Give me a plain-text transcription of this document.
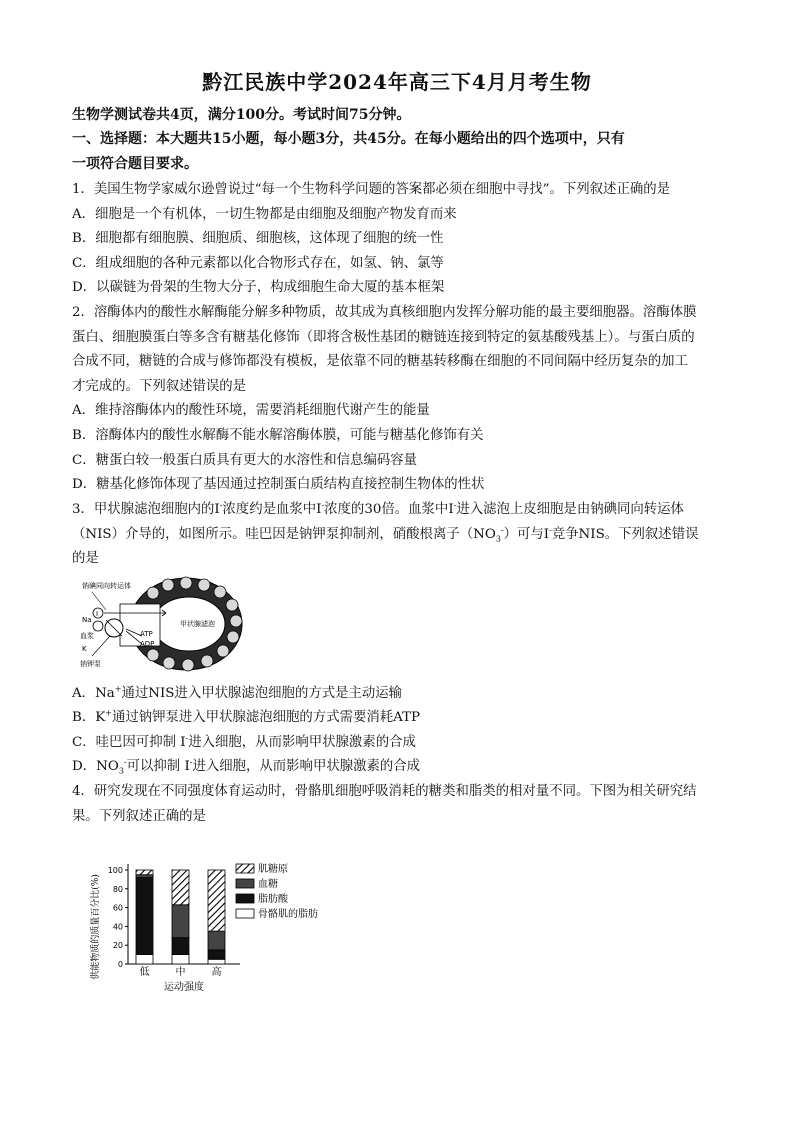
黔江民族中学2024年高三下4月月考生物
生物学测试卷共4页，满分100分。考试时间75分钟。
一、选择题：本大题共15小题，每小题3分，共45分。在每小题给出的四个选项中，只有
一项符合题目要求。
1．美国生物学家威尔逊曾说过“每一个生物科学问题的答案都必须在细胞中寻找”。下列叙述正确的是
A．细胞是一个有机体，一切生物都是由细胞及细胞产物发育而来
B．细胞都有细胞膜、细胞质、细胞核，这体现了细胞的统一性
C．组成细胞的各种元素都以化合物形式存在，如氢、钠、氯等
D．以碳链为骨架的生物大分子，构成细胞生命大厦的基本框架
2．溶酶体内的酸性水解酶能分解多种物质，故其成为真核细胞内发挥分解功能的最主要细胞器。溶酶体膜
蛋白、细胞膜蛋白等多含有糖基化修饰（即将含极性基团的糖链连接到特定的氨基酸残基上）。与蛋白质的
合成不同，糖链的合成与修饰都没有模板，是依靠不同的糖基转移酶在细胞的不同间隔中经历复杂的加工
才完成的。下列叙述错误的是
A．维持溶酶体内的酸性环境，需要消耗细胞代谢产生的能量
B．溶酶体内的酸性水解酶不能水解溶酶体膜，可能与糖基化修饰有关
C．糖蛋白较一般蛋白质具有更大的水溶性和信息编码容量
D．糖基化修饰体现了基因通过控制蛋白质结构直接控制生物体的性状
3．甲状腺滤泡细胞内的I-浓度约是血浆中I-浓度的30倍。血浆中I-进入滤泡上皮细胞是由钠碘同向转运体
（NIS）介导的，如图所示。哇巴因是钠钾泵抑制剂，硝酸根离子$(NO_3^-)$可与I-竞争NIS。下列叙述错误
的是
钠碘同向转运体
甲状腺滤泡
血浆
钠钾泵
Na
K
ATP
ADP
I
A．Na+通过NIS进入甲状腺滤泡细胞的方式是主动运输
B．K+通过钠钾泵进入甲状腺滤泡细胞的方式需要消耗ATP
C．哇巴因可抑制 I-进入细胞，从而影响甲状腺激素的合成
D．$NO_3^-$可以抑制 I-进入细胞，从而影响甲状腺激素的合成
4．研究发现在不同强度体育运动时，骨骼肌细胞呼吸消耗的糖类和脂类的相对量不同。下图为相关研究结
果。下列叙述正确的是
0
20
40
60
80
100
低	中	高
运动强度
供能物质的质量百分比(%)
肌糖原
血糖
脂肪酸
骨骼肌的脂肪
